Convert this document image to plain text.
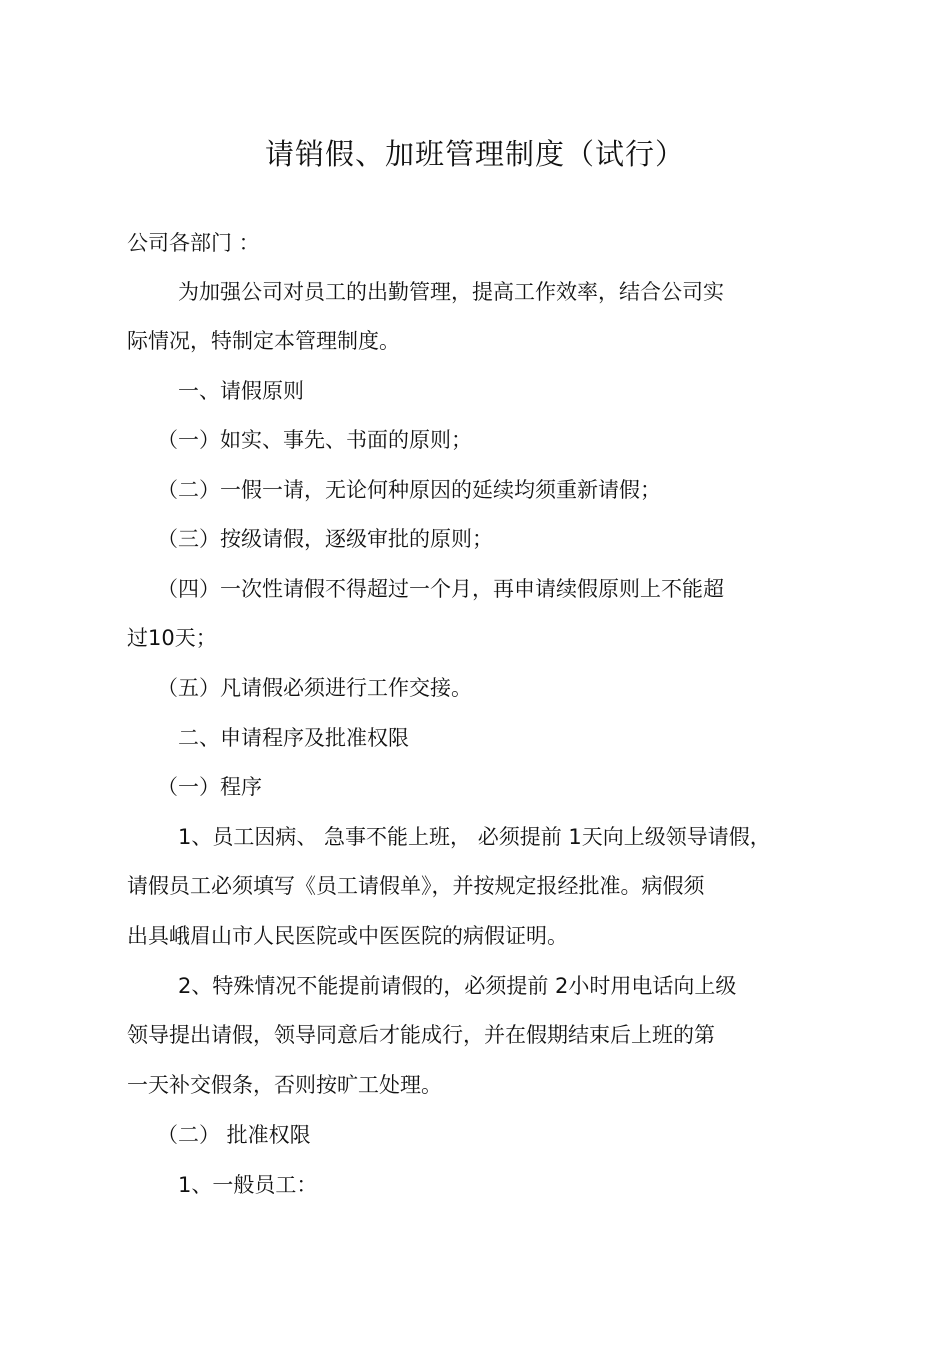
请销假、加班管理制度（试行）
公司各部门 ：
为加强公司对员工的出勤管理，提高工作效率，结合公司实
际情况，特制定本管理制度。
一、请假原则
（一）如实、事先、书面的原则；
（二）一假一请，无论何种原因的延续均须重新请假；
（三）按级请假，逐级审批的原则；
（四）一次性请假不得超过一个月，再申请续假原则上不能超
过10天；
（五）凡请假必须进行工作交接。
二、申请程序及批准权限
（一）程序
1、员工因病、 急事不能上班， 必须提前 1天向上级领导请假，
请假员工必须填写《员工请假单》，并按规定报经批准。病假须
出具峨眉山市人民医院或中医医院的病假证明。
2、特殊情况不能提前请假的，必须提前 2小时用电话向上级
领导提出请假，领导同意后才能成行，并在假期结束后上班的第
一天补交假条，否则按旷工处理。
（二） 批准权限
1、一般员工：
